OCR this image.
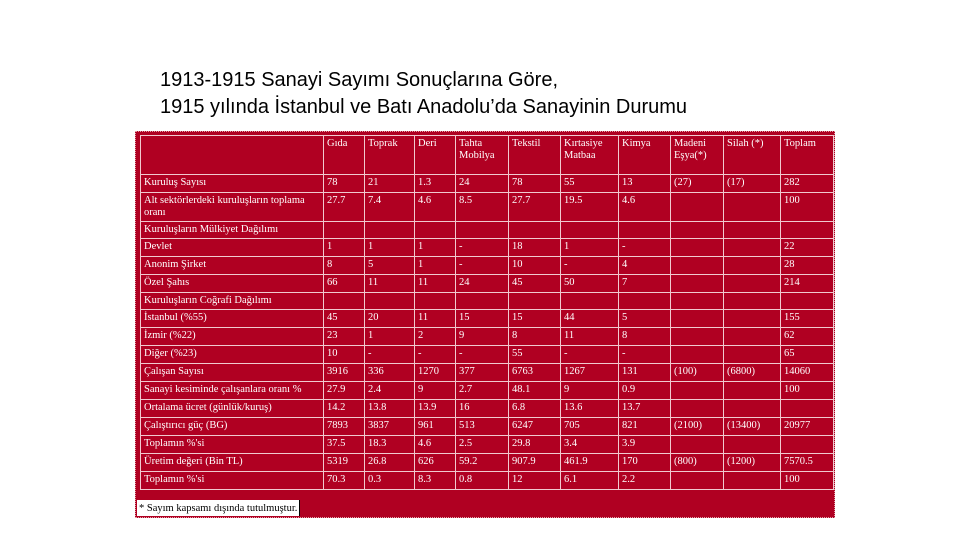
1913-1915 Sanayi Sayımı Sonuçlarına Göre,
1915 yılında İstanbul ve Batı Anadolu’da Sanayinin Durumu
	Gıda	Toprak	Deri	Tahta Mobilya	Tekstil	Kırtasiye Matbaa	Kimya	Madeni Eşya(*)	Silah (*)	Toplam
Kuruluş Sayısı	78	21	1.3	24	78	55	13	(27)	(17)	282
Alt sektörlerdeki kuruluşların toplama oranı	27.7	7.4	4.6	8.5	27.7	19.5	4.6			100
Kuruluşların Mülkiyet Dağılımı										
Devlet	1	1	1	-	18	1	-			22
Anonim Şirket	8	5	1	-	10	-	4			28
Özel Şahıs	66	11	11	24	45	50	7			214
Kuruluşların Coğrafi Dağılımı										
İstanbul (%55)	45	20	11	15	15	44	5			155
İzmir (%22)	23	1	2	9	8	11	8			62
Diğer (%23)	10	-	-	-	55	-	-			65
Çalışan Sayısı	3916	336	1270	377	6763	1267	131	(100)	(6800)	14060
Sanayi kesiminde çalışanlara oranı %	27.9	2.4	9	2.7	48.1	9	0.9			100
Ortalama ücret (günlük/kuruş)	14.2	13.8	13.9	16	6.8	13.6	13.7			
Çalıştırıcı güç (BG)	7893	3837	961	513	6247	705	821	(2100)	(13400)	20977
Toplamın %'si	37.5	18.3	4.6	2.5	29.8	3.4	3.9			
Üretim değeri (Bin TL)	5319	26.8	626	59.2	907.9	461.9	170	(800)	(1200)	7570.5
Toplamın %'si	70.3	0.3	8.3	0.8	12	6.1	2.2			100
* Sayım kapsamı dışında tutulmuştur.
